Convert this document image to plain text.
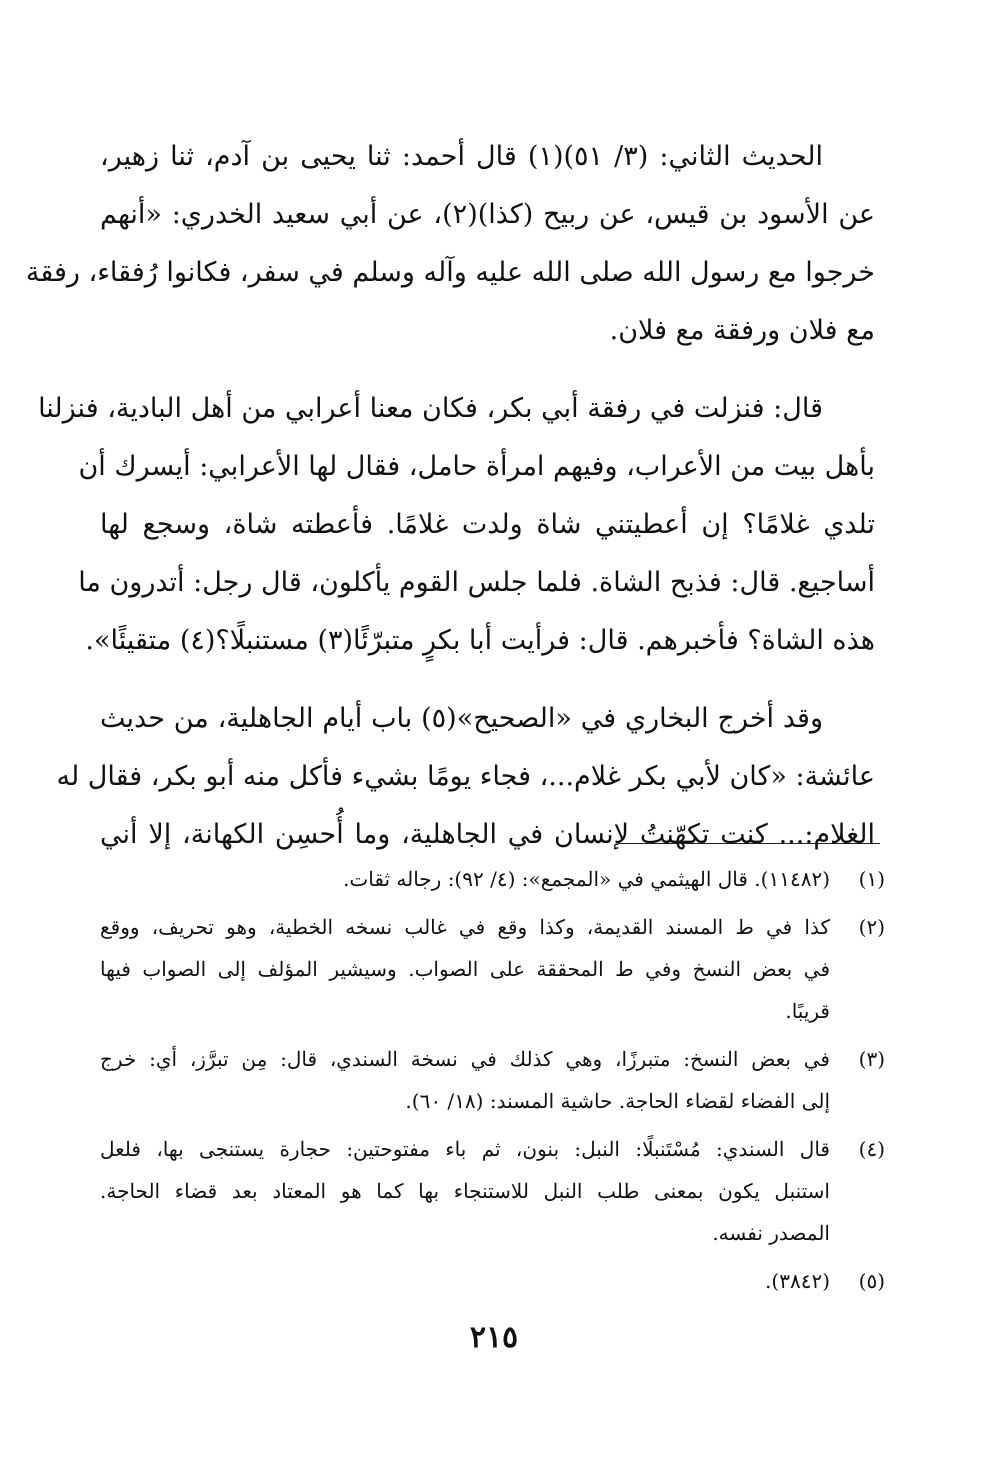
الحديث الثاني: (٣/ ٥١)(١) قال أحمد: ثنا يحيى بن آدم، ثنا زهير،
عن الأسود بن قيس، عن ربيح (كذا)(٢)، عن أبي سعيد الخدري: «أنهم
خرجوا مع رسول الله صلى الله عليه وآله وسلم في سفر، فكانوا رُفقاء، رفقة
مع فلان ورفقة مع فلان.
قال: فنزلت في رفقة أبي بكر، فكان معنا أعرابي من أهل البادية، فنزلنا
بأهل بيت من الأعراب، وفيهم امرأة حامل، فقال لها الأعرابي: أيسرك أن
تلدي غلامًا؟ إن أعطيتني شاة ولدت غلامًا. فأعطته شاة، وسجع لها
أساجيع. قال: فذبح الشاة. فلما جلس القوم يأكلون، قال رجل: أتدرون ما
هذه الشاة؟ فأخبرهم. قال: فرأيت أبا بكرٍ متبرّئًا(٣) مستنبلًا؟(٤) متقيئًا».
وقد أخرج البخاري في «الصحيح»(٥) باب أيام الجاهلية، من حديث
عائشة: «كان لأبي بكر غلام...، فجاء يومًا بشيء فأكل منه أبو بكر، فقال له
الغلام:... كنت تكهّنتُ لإنسان في الجاهلية، وما أُحسِن الكهانة، إلا أني
(١)
(١١٤٨٢). قال الهيثمي في «المجمع»: (٤/ ٩٢): رجاله ثقات.
(٢)
كذا في ط المسند القديمة، وكذا وقع في غالب نسخه الخطية، وهو تحريف، ووقع
في بعض النسخ وفي ط المحققة على الصواب. وسيشير المؤلف إلى الصواب فيها
قريبًا.
(٣)
في بعض النسخ: متبرزًا، وهي كذلك في نسخة السندي، قال: مِن تبرَّز، أي: خرج
إلى الفضاء لقضاء الحاجة. حاشية المسند: (١٨/ ٦٠).
(٤)
قال السندي: مُسْتَنبلًا: النبل: بنون، ثم باء مفتوحتين: حجارة يستنجى بها، فلعل
استنبل يكون بمعنى طلب النبل للاستنجاء بها كما هو المعتاد بعد قضاء الحاجة.
المصدر نفسه.
(٥)
(٣٨٤٢).
٢١٥
